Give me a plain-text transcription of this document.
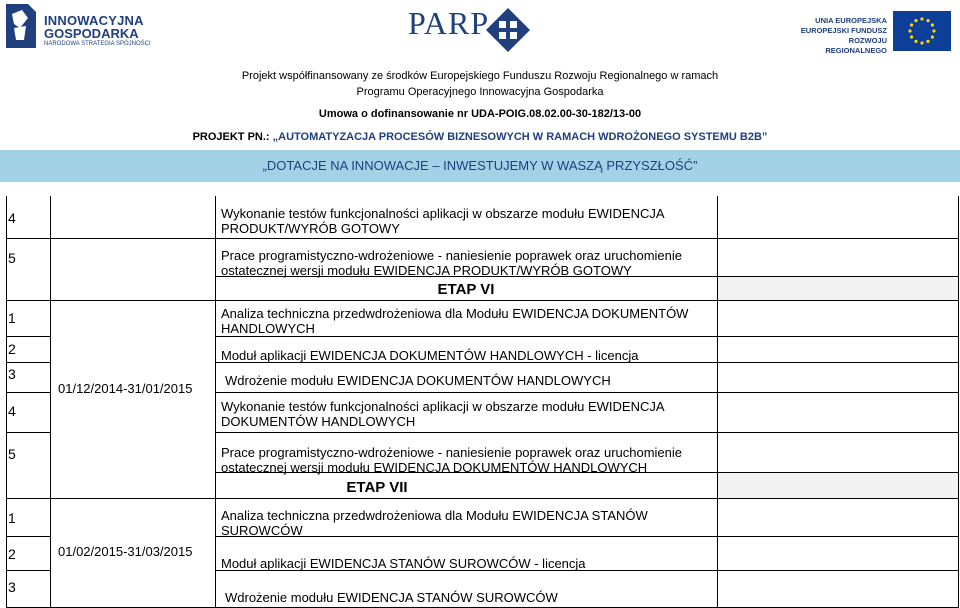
INNOWACYJNA
GOSPODARKA
NARODOWA STRATEGIA SPÓJNOŚCI
PARP	UNIA EUROPEJSKA
EUROPEJSKI FUNDUSZ
ROZWOJU REGIONALNEGO
Projekt współfinansowany ze środków Europejskiego Funduszu Rozwoju Regionalnego w ramach
Programu Operacyjnego Innowacyjna Gospodarka
Umowa o dofinansowanie nr UDA-POIG.08.02.00-30-182/13-00
PROJEKT PN.: „AUTOMATYZACJA PROCESÓW BIZNESOWYCH W RAMACH WDROŻONEGO SYSTEMU B2B”
„DOTACJE NA INNOWACJE – INWESTUJEMY W WASZĄ PRZYSZŁOŚĆ”
4
5
1
2
3
4
5
1
2
3
01/12/2014-31/01/2015
01/02/2015-31/03/2015
Wykonanie testów funkcjonalności aplikacji w obszarze modułu EWIDENCJA PRODUKT/WYRÓB GOTOWY
Prace programistyczno-wdrożeniowe - naniesienie poprawek oraz uruchomienie ostatecznej wersji modułu EWIDENCJA PRODUKT/WYRÓB GOTOWY
ETAP VI
Analiza techniczna przedwdrożeniowa dla Modułu EWIDENCJA DOKUMENTÓW HANDLOWYCH
Moduł aplikacji EWIDENCJA DOKUMENTÓW HANDLOWYCH - licencja
Wdrożenie modułu EWIDENCJA DOKUMENTÓW HANDLOWYCH
Wykonanie testów funkcjonalności aplikacji w obszarze modułu EWIDENCJA DOKUMENTÓW HANDLOWYCH
Prace programistyczno-wdrożeniowe - naniesienie poprawek oraz uruchomienie ostatecznej wersji modułu EWIDENCJA DOKUMENTÓW HANDLOWYCH
ETAP VII
Analiza techniczna przedwdrożeniowa dla Modułu EWIDENCJA STANÓW SUROWCÓW
Moduł aplikacji EWIDENCJA STANÓW SUROWCÓW - licencja
Wdrożenie modułu EWIDENCJA STANÓW SUROWCÓW
